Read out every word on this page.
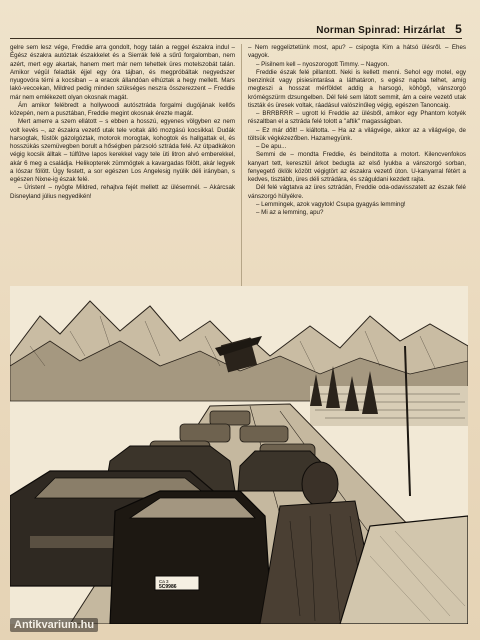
Norman Spinrad: Hirzárlat 5

gelre sem lesz vége, Freddie arra gondolt, hogy talán a reggel északra indul – Égész északra autóztak északkelet és a Sierrák felé a sűrű forgalomban, nem azért, mert egy akartak, hanem mert már nem tehettek üres motelszobát talán. Amikor végül feladták éjjel egy óra tájban, és megpróbáltak negyedszer nyugovóra térni a kocsiban – a eracok állandóan elhúztak a hegy mellett. Mars lakó-veccekan, Mildred pedig minden szükséges neszra összerezzent – Freddie már nem emlékezett olyan okosnak magát.

Ám amikor felébredt a hollywoodi autósztráda forgalmi dugójának kellős közepén, nem a pusztában, Freddie megint okosnak érezte magát.

Mert amerre a szem ellátott – s ebben a hosszú, egyenes völgyben ez nem volt kevés –, az északra vezető utak tele voltak álló mozgású kocsikkal. Dudák harsogtak, füstök gázolgóztak, motorok morogtak, kohogtok és hallgattak el, és hosszúkás szemüvegben borult a hőségben párzsoló sztráda felé. Az útpadkákon végig kocsik álltak – túlfűtve lapos kerekkel vagy tele üti litron alvó emberekkel, akár 6 meg a családja. Helikopterek zümmögtek a kavargadas fölött, akár legyek a lószar fölött. Úgy festett, a sor egészen Los Angelesig nyúlik déli irányban, s egészen Nixne-ig észak felé.

– Úristen! – nyögte Mildred, rehajtva fejét mellett az ülésemnél. – Akárcsak Disneyland július negyedikén!

– Nem reggeliztetünk most, apu? – csipogta Kim a hátsó ülésről. – Éhes vagyok.

– Pisilnem kell – nyoszorogott Timmy. – Nagyon.

Freddie észak felé pillantott. Neki is kellett menni. Sehol egy motel, egy benzinkút vagy pisiesintarása a láthatáron, s egész napba telhet, amíg megteszi a hosszat mérföldet addig a harsogó, köhögő, vánszorgó krómégszürm dzsungelben. Dél felé sem látott semmit, ám a ceire vezető utak tiszták és üresek voltak, ráadásul valószínűleg végig, egészen Tanoncaig.

– BRRBRRR – ugrott ki Freddie az ülésből, amikor egy Phantom kotyék részaltban el a sztráda felé tolott a ''aftik'' magasságban.

– Ez már dőlt! – kiáltotta. – Ha az a világvége, akkor az a világvége, de töltsük végkézezőben. Hazamegyünk.

– De apu...

Semmi de – mondta Freddie, és beindította a motort. Kilencvenfokos kanyart tett, keresztül árkot bedugta az első lyukba a vánszorgó sorban, fenyegető öklök között végigtört az északra vezető úton. U-kanyarral fétért a kedves, tisztább, üres déli sztrádára, és száguldani kezdett rajta.

Dél felé vágtatva az üres sztrádán, Freddie oda-odavisszatett az észak felé vánszorgó hülyékre.

– Lemmingek, azok vagytok! Csupa gyagyás lemming!

– Mi az a lemming, apu?

Ca 3
5C9986
Antikvarium.hu
